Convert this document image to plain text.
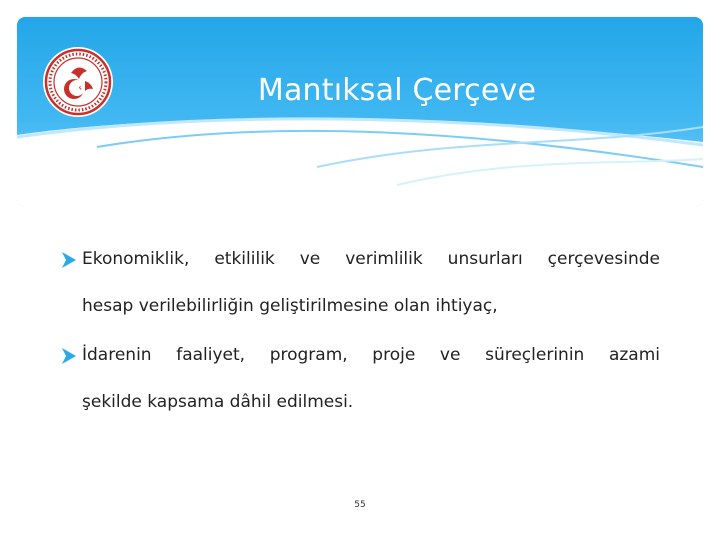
Mantıksal Çerçeve
Ekonomiklik, etkililik ve verimlilik unsurları çerçevesinde
hesap verilebilirliğin geliştirilmesine olan ihtiyaç,
İdarenin faaliyet, program, proje ve süreçlerinin azami
şekilde kapsama dâhil edilmesi.
55
